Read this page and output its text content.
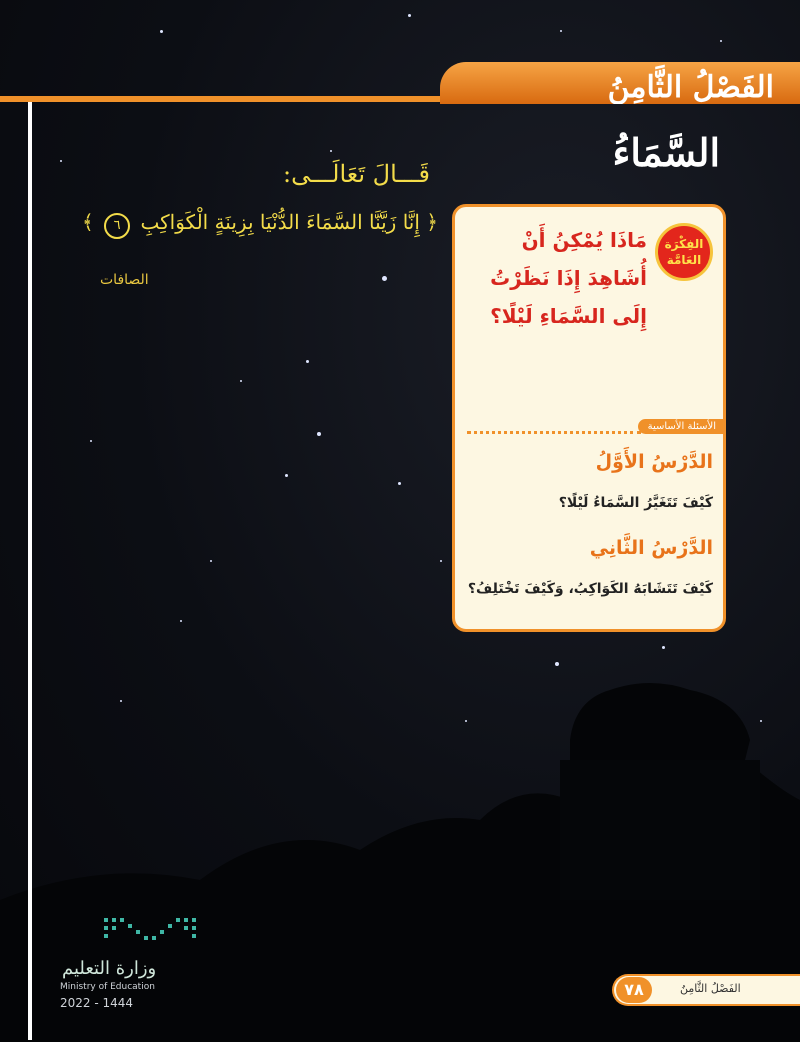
الفَصْلُ الثَّامِنُ
السَّمَاءُ
قَـــالَ تَعَالَـــى:
﴿ إِنَّا زَيَّنَّا السَّمَاءَ الدُّنْيَا بِزِينَةٍ الْكَوَاكِبِ ٦ ﴾
الصافات
الفِكْرَة
العَامَّة
مَاذَا يُمْكِنُ أَنْ أُشَاهِدَ إِذَا نَظَرْتُ إِلَى السَّمَاءِ لَيْلًا؟
الأسئلة الأساسية
الدَّرْسُ الأَوَّلُ
كَيْفَ تَتَغَيَّرُ السَّمَاءُ لَيْلًا؟
الدَّرْسُ الثَّانِي
كَيْفَ تَتَشَابَهُ الكَوَاكِبُ، وَكَيْفَ تَخْتَلِفُ؟
وزارة التعليم
Ministry of Education
2022 - 1444
٧٨	الفَصْلُ الثَّامِنُ
